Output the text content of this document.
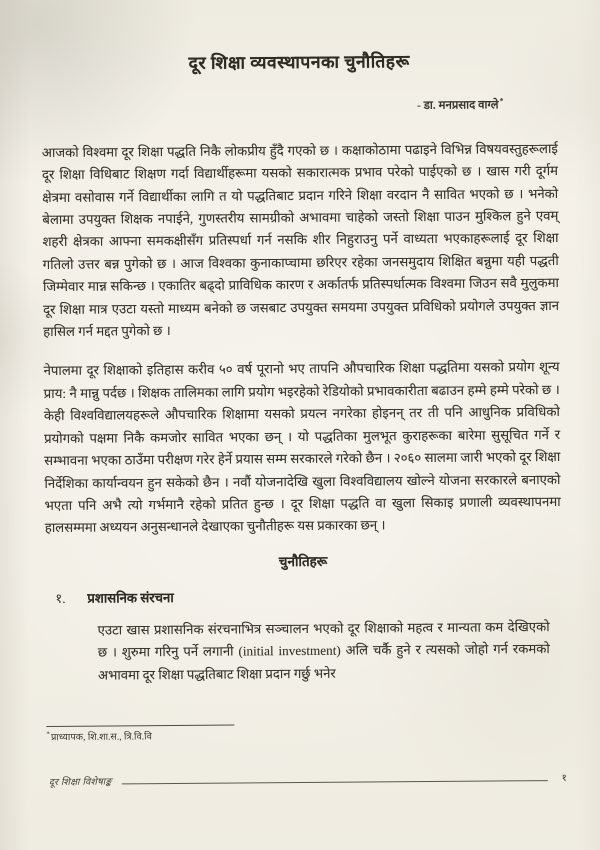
दूर शिक्षा व्यवस्थापनका चुनौतिहरू
- डा. मनप्रसाद वाग्ले*

आजको विश्वमा दूर शिक्षा पद्धति निकै लोकप्रीय हुँदै गएको छ । कक्षाकोठामा पढाइने विभिन्न विषयवस्तुहरूलाई दूर शिक्षा विधिबाट शिक्षण गर्दा विद्यार्थीहरूमा यसको सकारात्मक प्रभाव परेको पाईएको छ । खास गरी दूर्गम क्षेत्रमा वसोवास गर्ने विद्यार्थीका लागि त यो पद्धतिबाट प्रदान गरिने शिक्षा वरदान नै सावित भएको छ । भनेको बेलामा उपयुक्त शिक्षक नपाईने, गुणस्तरीय सामग्रीको अभावमा चाहेको जस्तो शिक्षा पाउन मुश्किल हुने एवम् शहरी क्षेत्रका आफ्ना समकक्षीसँग प्रतिस्पर्धा गर्न नसकि शीर निहुराउनु पर्ने वाध्यता भएकाहरूलाई दूर शिक्षा गतिलो उत्तर बन्न पुगेको छ । आज विश्वका कुनाकाप्चामा छरिएर रहेका जनसमुदाय शिक्षित बन्नुमा यही पद्धती जिम्मेवार मान्न सकिन्छ । एकातिर बढ्दो प्राविधिक कारण र अर्कातर्फ प्रतिस्पर्धात्मक विश्वमा जिउन सवै मुलुकमा दूर शिक्षा मात्र एउटा यस्तो माध्यम बनेको छ जसबाट उपयुक्त समयमा उपयुक्त प्रविधिको प्रयोगले उपयुक्त ज्ञान हासिल गर्न मद्दत पुगेको छ ।

नेपालमा दूर शिक्षाको इतिहास करीव ५० वर्ष पूरानो भए तापनि औपचारिक शिक्षा पद्धतिमा यसको प्रयोग शून्य प्राय: नै मान्नु पर्दछ । शिक्षक तालिमका लागि प्रयोग भइरहेको रेडियोको प्रभावकारीता बढाउन हम्मे हम्मे परेको छ । केही विश्वविद्यालयहरूले औपचारिक शिक्षामा यसको प्रयत्न नगरेका होइनन् तर ती पनि आधुनिक प्रविधिको प्रयोगको पक्षमा निकै कमजोर सावित भएका छन् । यो पद्धतिका मुलभूत कुराहरूका बारेमा सुसूचित गर्ने र सम्भावना भएका ठाउँमा परीक्षण गरेर हेर्ने प्रयास सम्म सरकारले गरेको छैन । २०६० सालमा जारी भएको दूर शिक्षा निर्देशिका कार्यान्वयन हुन सकेको छैन । नवौं योजनादेखि खुला विश्वविद्यालय खोल्ने योजना सरकारले बनाएको भएता पनि अभै त्यो गर्भमानै रहेको प्रतित हुन्छ । दूर शिक्षा पद्धति वा खुला सिकाइ प्रणाली व्यवस्थापनमा हालसम्ममा अध्ययन अनुसन्धानले देखाएका चुनौतीहरू यस प्रकारका छन् ।

चुनौतिहरू
१.	प्रशासनिक संरचना

एउटा खास प्रशासनिक संरचनाभित्र सञ्चालन भएको दूर शिक्षाको महत्व र मान्यता कम देखिएको छ । शुरुमा गरिनु पर्ने लगानी (initial investment) अलि चर्कै हुने र त्यसको जोहो गर्न रकमको अभावमा दूर शिक्षा पद्धतिबाट शिक्षा प्रदान गर्छु भनेर

*प्राध्यापक, शि.शा.स., त्रि.वि.वि
दूर शिक्षा विशेषाङ्क	१
